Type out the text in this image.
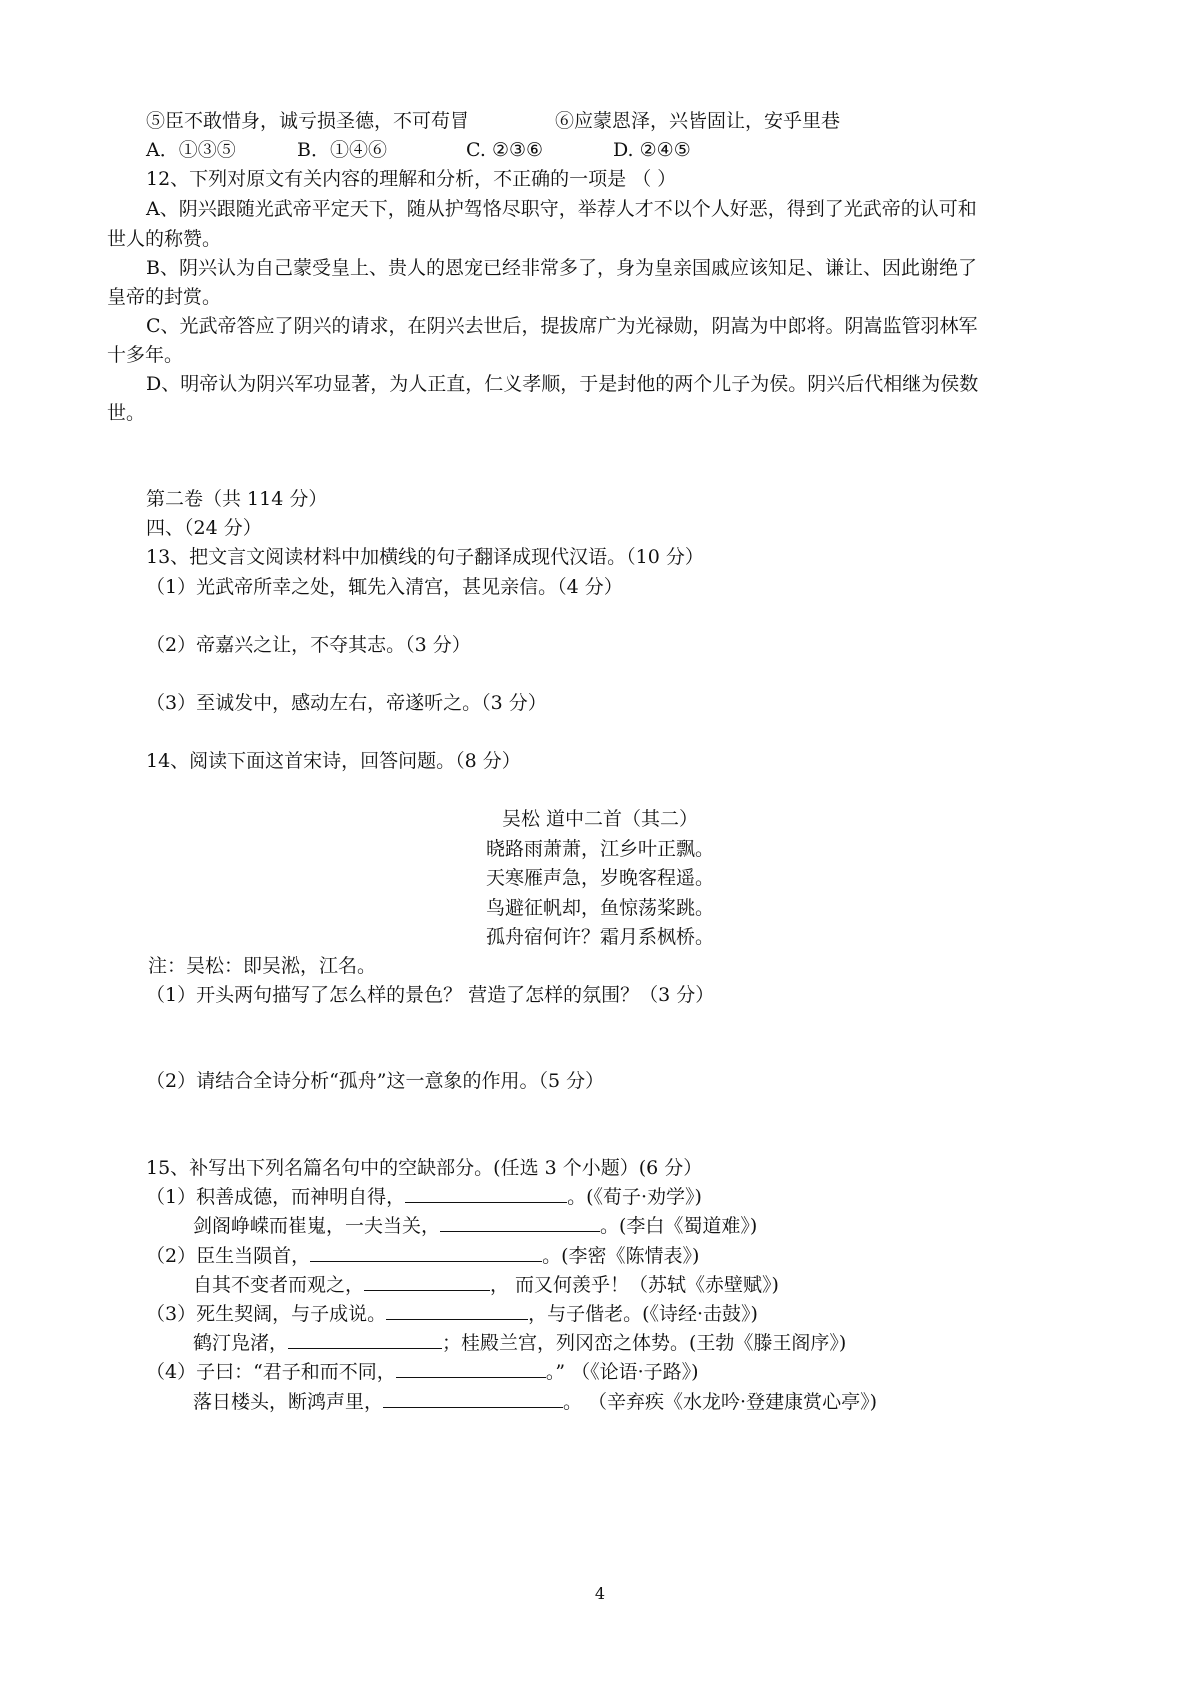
⑤臣不敢惜身，诚亏损圣德，不可苟冒	⑥应蒙恩泽，兴皆固让，安乎里巷
A．①③⑤	B．①④⑥	C. ②③⑥	D. ②④⑤
12、下列对原文有关内容的理解和分析，不正确的一项是 （ ）
A、阴兴跟随光武帝平定天下，随从护驾恪尽职守，举荐人才不以个人好恶，得到了光武帝的认可和
世人的称赞。
B、阴兴认为自己蒙受皇上、贵人的恩宠已经非常多了，身为皇亲国戚应该知足、谦让、因此谢绝了
皇帝的封赏。
C、光武帝答应了阴兴的请求，在阴兴去世后，提拔席广为光禄勋，阴嵩为中郎将。阴嵩监管羽林军
十多年。
D、明帝认为阴兴军功显著，为人正直，仁义孝顺，于是封他的两个儿子为侯。阴兴后代相继为侯数
世。
第二卷（共 114 分）
四、（24 分）
13、把文言文阅读材料中加横线的句子翻译成现代汉语。（10 分）
（1）光武帝所幸之处，辄先入清宫，甚见亲信。（4 分）
（2）帝嘉兴之让，不夺其志。（3 分）
（3）至诚发中，感动左右，帝遂听之。（3 分）
14、阅读下面这首宋诗，回答问题。（8 分）
吴松 道中二首（其二）
晓路雨萧萧，江乡叶正飘。
天寒雁声急，岁晚客程遥。
鸟避征帆却，鱼惊荡桨跳。
孤舟宿何许？霜月系枫桥。
注：吴松：即吴淞，江名。
（1）开头两句描写了怎么样的景色？ 营造了怎样的氛围？（3 分）
（2）请结合全诗分析“孤舟”这一意象的作用。（5 分）
15、补写出下列名篇名句中的空缺部分。(任选 3 个小题）(6 分）
（1）积善成德，而神明自得，	。(《荀子·劝学》)
剑阁峥嵘而崔嵬，一夫当关，	。(李白《蜀道难》)
（2）臣生当陨首，	。(李密《陈情表》)
自其不变者而观之，	， 而又何羡乎！（苏轼《赤壁赋》)
（3）死生契阔，与子成说。	，与子偕老。(《诗经·击鼓》)
鹤汀凫渚，	；桂殿兰宫，列冈峦之体势。(王勃《滕王阁序》)
（4）子曰：“君子和而不同，	。” （《论语·子路》)
落日楼头，断鸿声里，	。 （辛弃疾《水龙吟·登建康赏心亭》)
4
